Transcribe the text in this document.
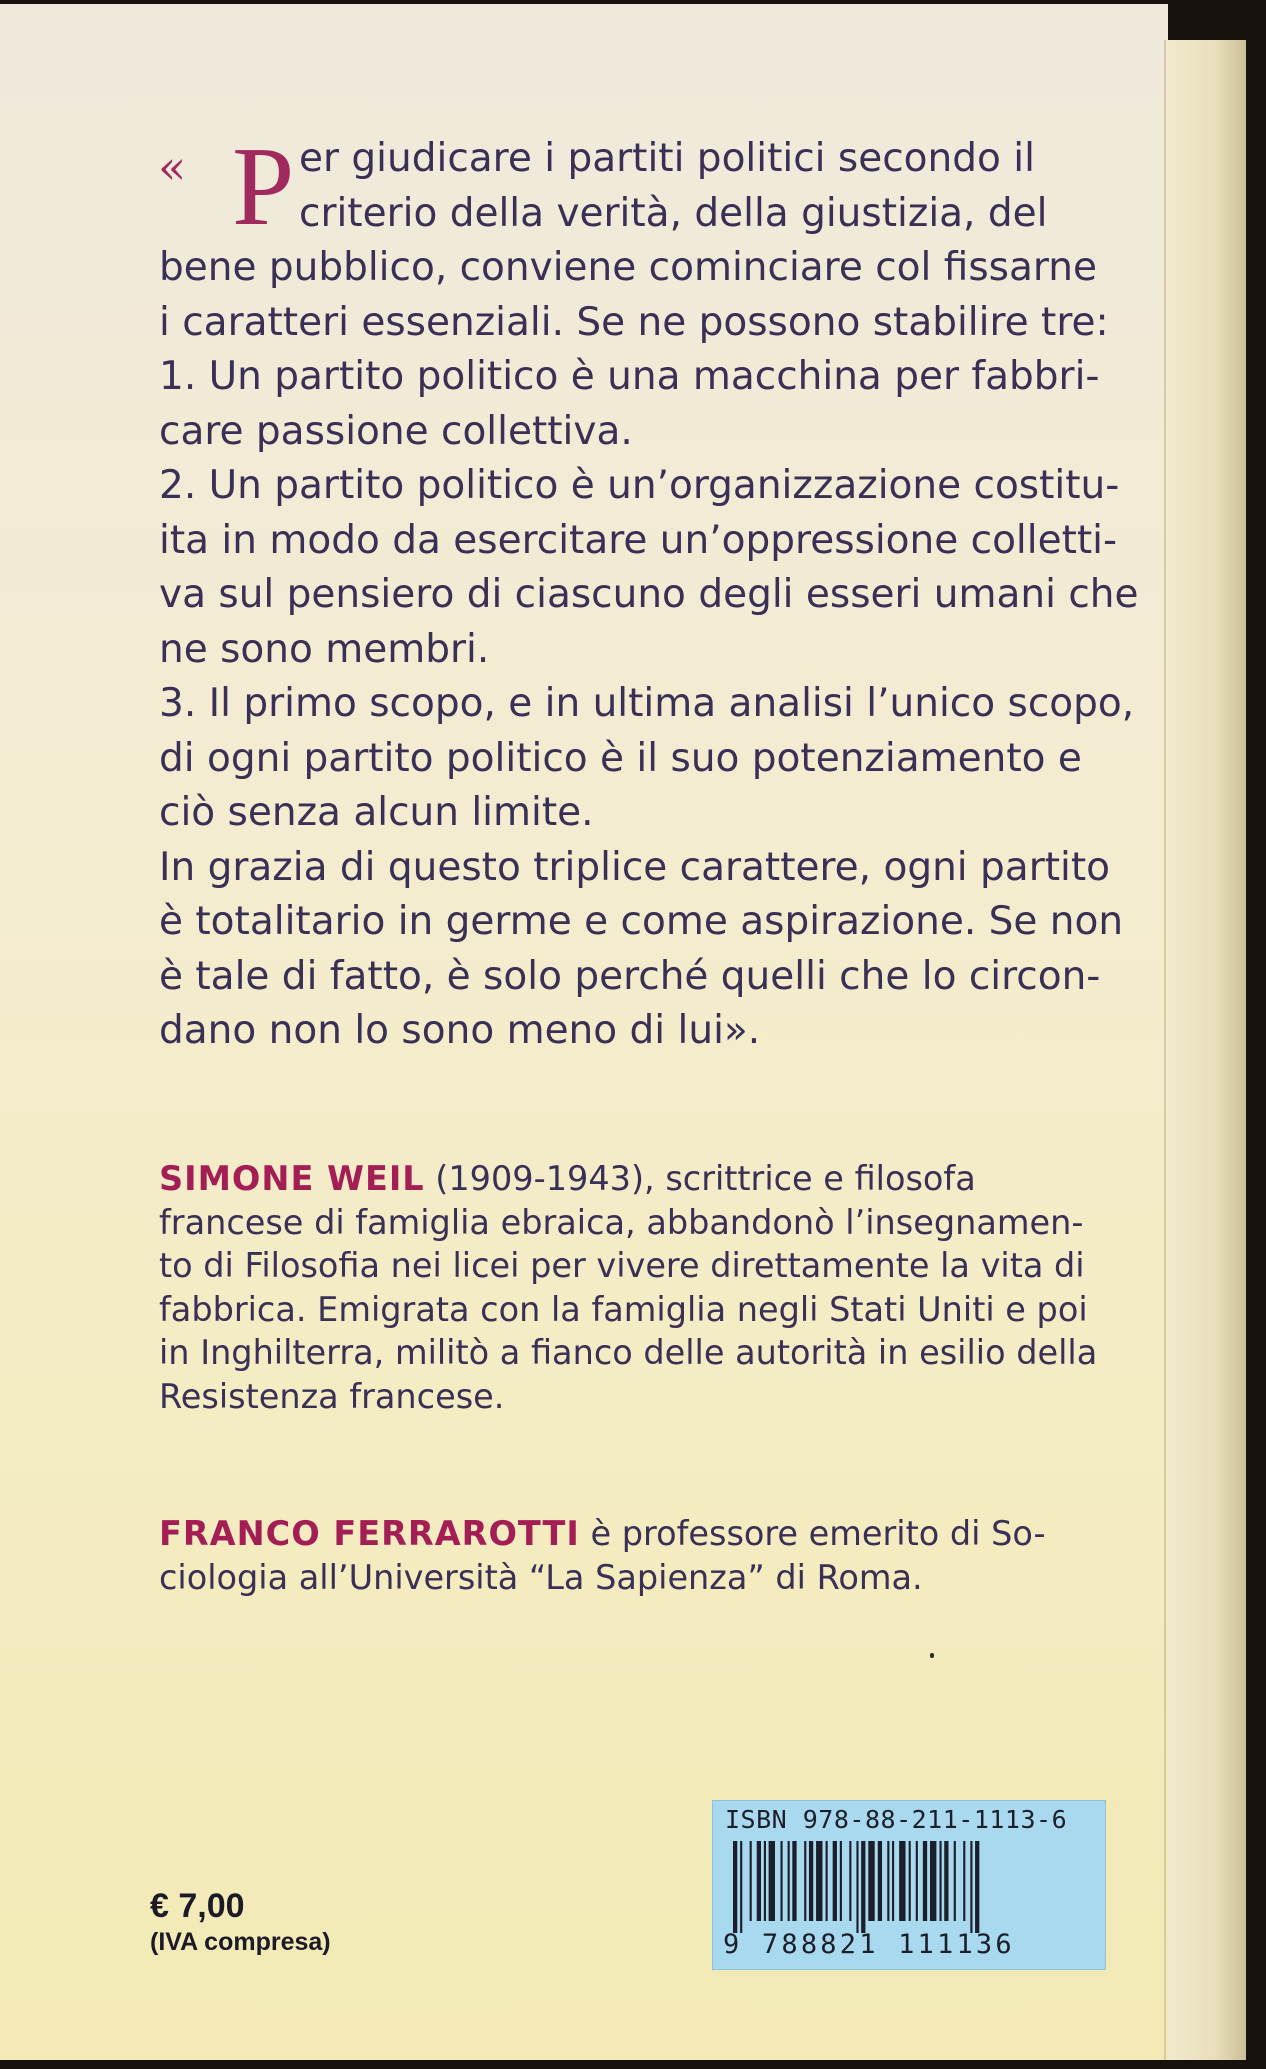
« P er giudicare i partiti politici secondo il
criterio della verità, della giustizia, del
bene pubblico, conviene cominciare col fissarne
i caratteri essenziali. Se ne possono stabilire tre:
1. Un partito politico è una macchina per fabbri-
care passione collettiva.
2. Un partito politico è un’organizzazione costitu-
ita in modo da esercitare un’oppressione colletti-
va sul pensiero di ciascuno degli esseri umani che
ne sono membri.
3. Il primo scopo, e in ultima analisi l’unico scopo,
di ogni partito politico è il suo potenziamento e
ciò senza alcun limite.
In grazia di questo triplice carattere, ogni partito
è totalitario in germe e come aspirazione. Se non
è tale di fatto, è solo perché quelli che lo circon-
dano non lo sono meno di lui».
SIMONE WEIL (1909-1943), scrittrice e filosofa
francese di famiglia ebraica, abbandonò l’insegnamen-
to di Filosofia nei licei per vivere direttamente la vita di
fabbrica. Emigrata con la famiglia negli Stati Uniti e poi
in Inghilterra, militò a fianco delle autorità in esilio della
Resistenza francese.
FRANCO FERRAROTTI è professore emerito di So-
ciologia all’Università “La Sapienza” di Roma.
€ 7,00
(IVA compresa)
ISBN 978-88-211-1113-6
9 788821 111136
